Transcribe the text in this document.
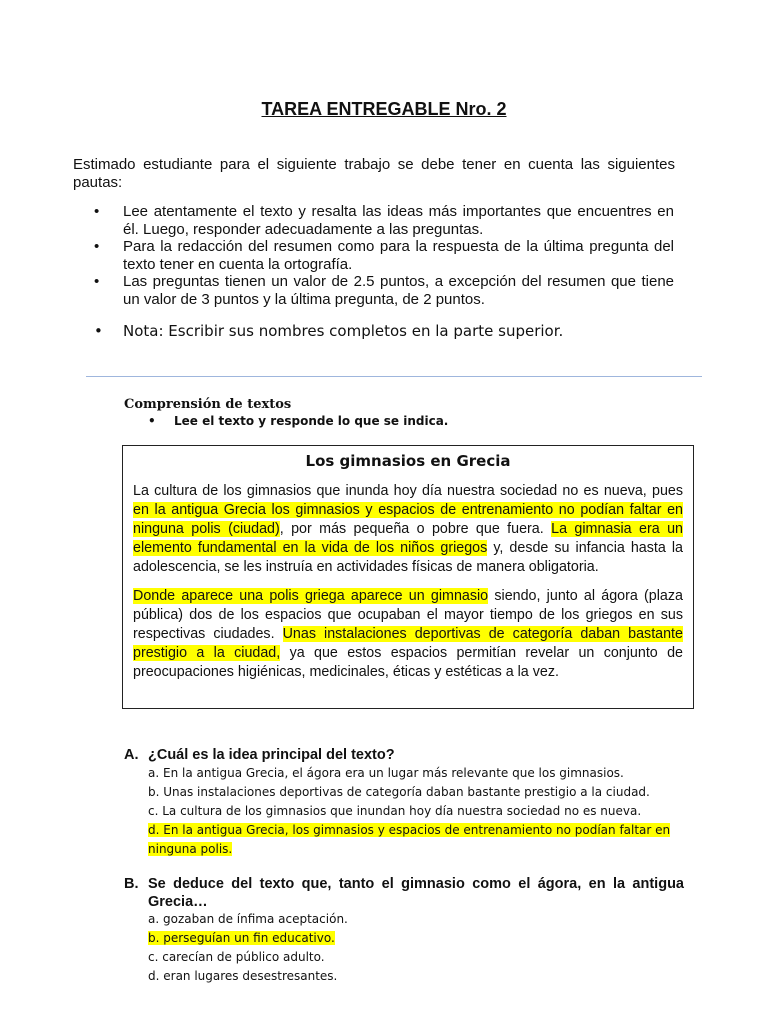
TAREA ENTREGABLE Nro. 2
Estimado estudiante para el siguiente trabajo se debe tener en cuenta las siguientes pautas:
• Lee atentamente el texto y resalta las ideas más importantes que encuentres en él. Luego, responder adecuadamente a las preguntas.
• Para la redacción del resumen como para la respuesta de la última pregunta del texto tener en cuenta la ortografía.
• Las preguntas tienen un valor de 2.5 puntos, a excepción del resumen que tiene un valor de 3 puntos y la última pregunta, de 2 puntos.
• Nota: Escribir sus nombres completos en la parte superior.
Comprensión de textos
• Lee el texto y responde lo que se indica.
Los gimnasios en Grecia

La cultura de los gimnasios que inunda hoy día nuestra sociedad no es nueva, pues en la antigua Grecia los gimnasios y espacios de entrenamiento no podían faltar en ninguna polis (ciudad), por más pequeña o pobre que fuera. La gimnasia era un elemento fundamental en la vida de los niños griegos y, desde su infancia hasta la adolescencia, se les instruía en actividades físicas de manera obligatoria.

Donde aparece una polis griega aparece un gimnasio siendo, junto al ágora (plaza pública) dos de los espacios que ocupaban el mayor tiempo de los griegos en sus respectivas ciudades. Unas instalaciones deportivas de categoría daban bastante prestigio a la ciudad, ya que estos espacios permitían revelar un conjunto de preocupaciones higiénicas, medicinales, éticas y estéticas a la vez.

A. ¿Cuál es la idea principal del texto?
a. En la antigua Grecia, el ágora era un lugar más relevante que los gimnasios.
b. Unas instalaciones deportivas de categoría daban bastante prestigio a la ciudad.
c. La cultura de los gimnasios que inundan hoy día nuestra sociedad no es nueva.
d. En la antigua Grecia, los gimnasios y espacios de entrenamiento no podían faltar en ninguna polis.
B. Se deduce del texto que, tanto el gimnasio como el ágora, en la antigua Grecia…
a. gozaban de ínfima aceptación.
b. perseguían un fin educativo.
c. carecían de público adulto.
d. eran lugares desestresantes.
